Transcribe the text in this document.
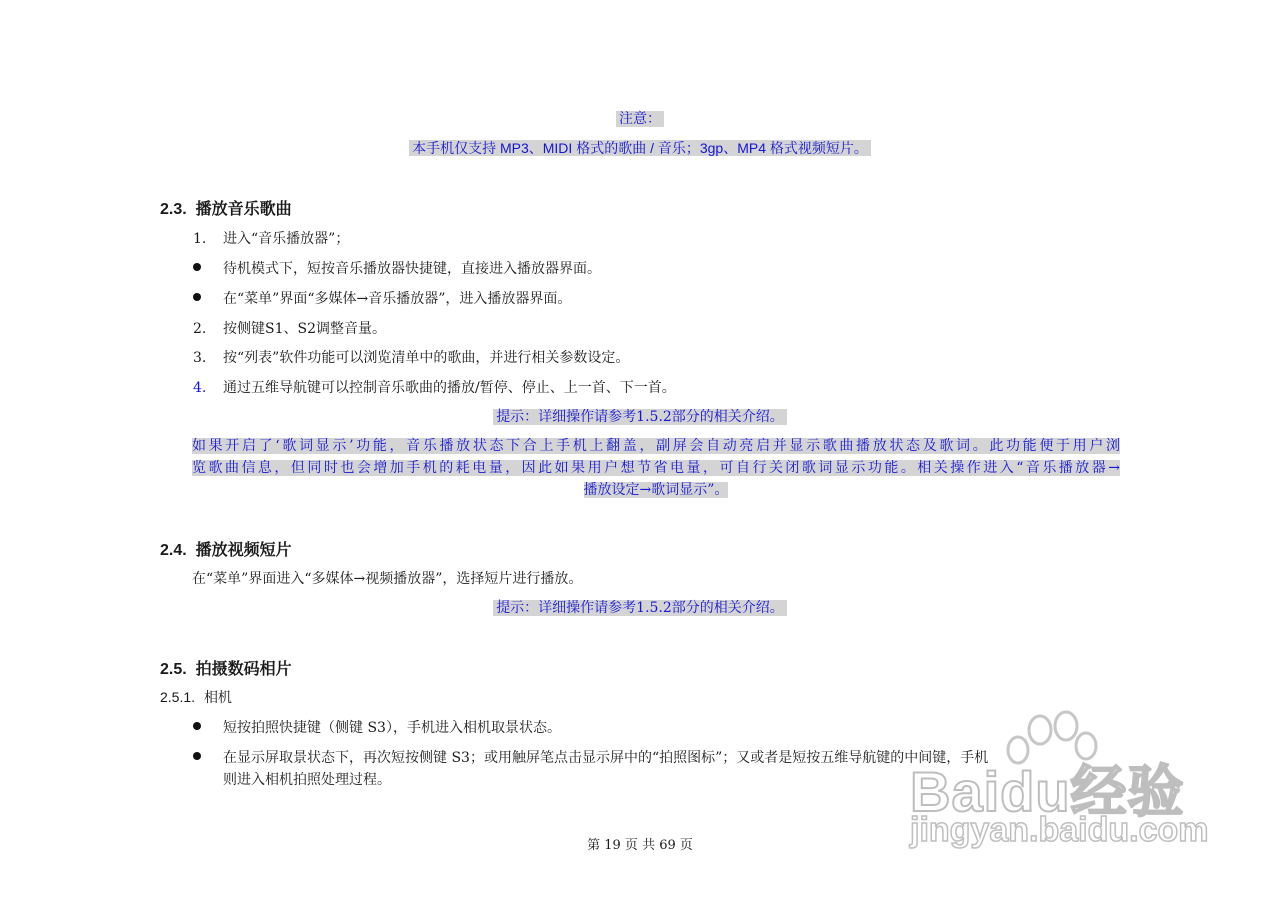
注意：
本手机仅支持 MP3、MIDI 格式的歌曲 / 音乐；3gp、MP4 格式视频短片。
2.3. 播放音乐歌曲
1. 进入“音乐播放器”；
待机模式下，短按音乐播放器快捷键，直接进入播放器界面。
在“菜单”界面“多媒体→音乐播放器”，进入播放器界面。
2. 按侧键S1、S2调整音量。
3. 按“列表”软件功能可以浏览清单中的歌曲，并进行相关参数设定。
4. 通过五维导航键可以控制音乐歌曲的播放/暂停、停止、上一首、下一首。
提示：详细操作请参考1.5.2部分的相关介绍。
如果开启了‘歌词显示’功能，音乐播放状态下合上手机上翻盖，副屏会自动亮启并显示歌曲播放状态及歌词。此功能便于用户浏
览歌曲信息，但同时也会增加手机的耗电量，因此如果用户想节省电量，可自行关闭歌词显示功能。相关操作进入“音乐播放器→
播放设定→歌词显示”。
2.4. 播放视频短片
在“菜单”界面进入“多媒体→视频播放器”，选择短片进行播放。
提示：详细操作请参考1.5.2部分的相关介绍。
2.5. 拍摄数码相片
2.5.1. 相机
短按拍照快捷键（侧键 S3），手机进入相机取景状态。
在显示屏取景状态下，再次短按侧键 S3；或用触屏笔点击显示屏中的“拍照图标”；又或者是短按五维导航键的中间键，手机
则进入相机拍照处理过程。
第 19 页 共 69 页
Baidu经验
jingyan.baidu.com
